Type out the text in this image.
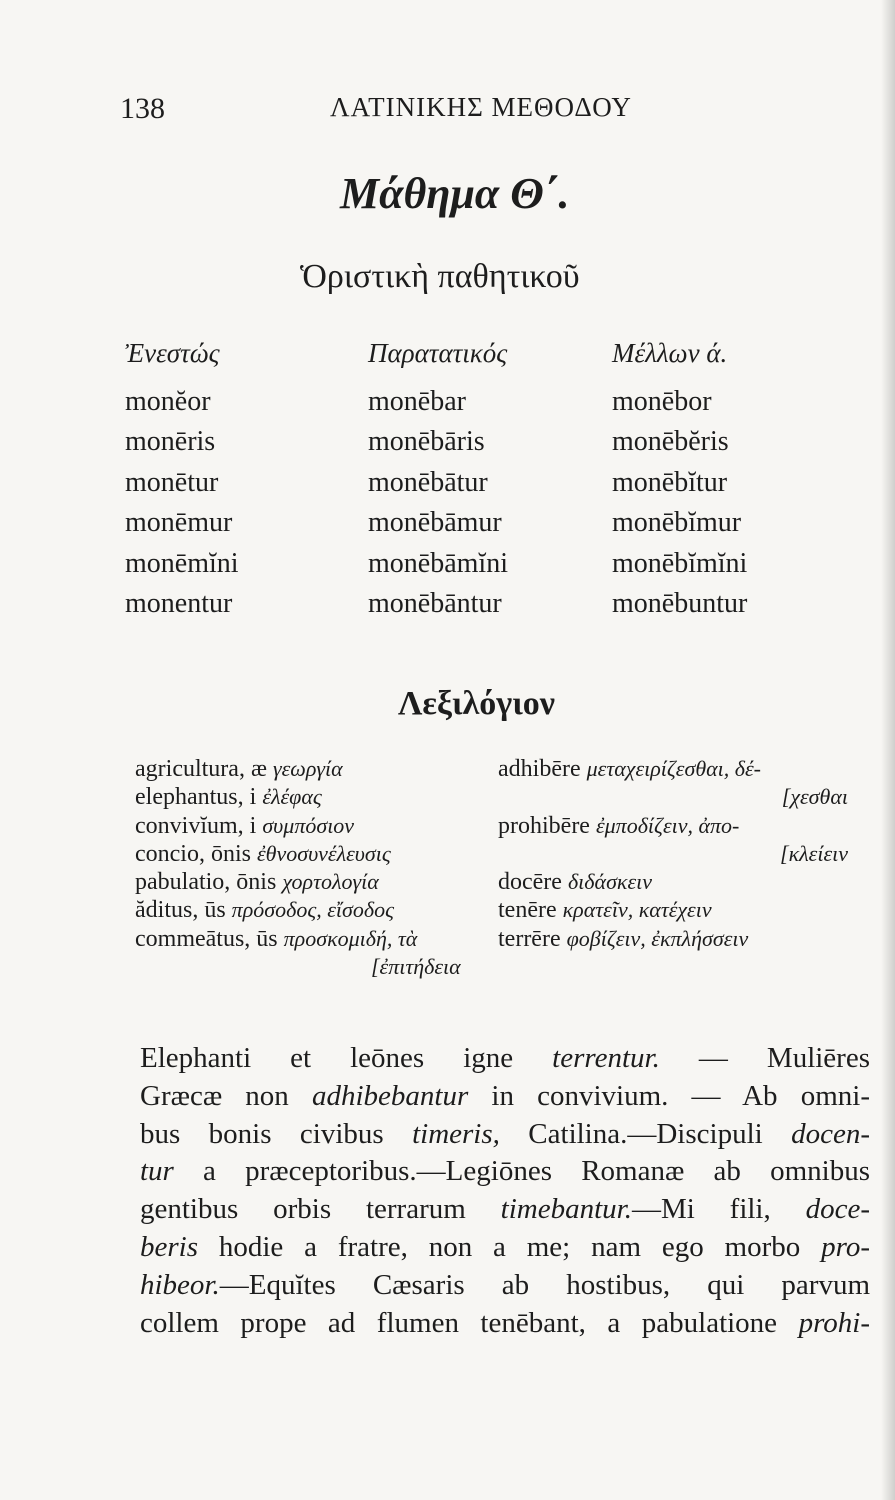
138	ΛΑΤΙΝΙΚΗΣ ΜΕΘΟΔΟΥ
Μάθημα Θ΄.
Ὁριστικὴ παθητικοῦ
Ἐνεστώς
monĕor
monēris
monētur
monēmur
monēmĭni
monentur
Παρατατικός
monēbar
monēbāris
monēbātur
monēbāmur
monēbāmĭni
monēbāntur
Μέλλων ά.
monēbor
monēbĕris
monēbĭtur
monēbĭmur
monēbĭmĭni
monēbuntur
Λεξιλόγιον
agricultura, æ γεωργία
elephantus, i ἐλέφας
convivĭum, i συμπόσιον
concio, ōnis ἐθνοσυνέλευσις
pabulatio, ōnis χορτολογία
ăditus, ūs πρόσοδος, εἴσοδος
commeātus, ūs προσκομιδή, τὰ
[ἐπιτήδεια
adhibēre μεταχειρίζεσθαι, δέ-
[χεσθαι
prohibēre ἐμποδίζειν, ἀπο-
[κλείειν
docēre διδάσκειν
tenēre κρατεῖν, κατέχειν
terrēre φοβίζειν, ἐκπλήσσειν
Elephanti et leōnes igne terrentur. — Muliēres
Græcæ non adhibebantur in convivium. — Ab omni-
bus bonis civibus timeris, Catilina.—Discipuli docen-
tur a præceptoribus.—Legiōnes Romanæ ab omnibus
gentibus orbis terrarum timebantur.—Mi fili, doce-
beris hodie a fratre, non a me; nam ego morbo pro-
hibeor.—Equĭtes Cæsaris ab hostibus, qui parvum
collem prope ad flumen tenēbant, a pabulatione prohi-
